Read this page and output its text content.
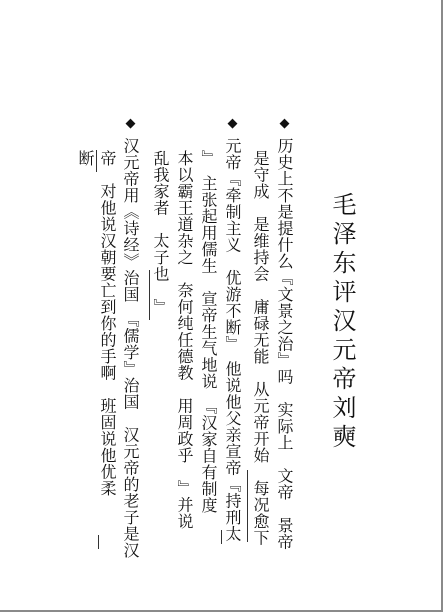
毛泽东评汉元帝刘奭
◆历史上不是提什么『文景之治』吗　实际上　文帝　景帝
是守成　是维持会　庸碌无能　从元帝开始　每况愈下
◆元帝『牵制主义　优游不断』　他说他父亲宣帝『持刑太
』　主张起用儒生　宣帝生气地说　『汉家自有制度
本以霸王道杂之　奈何纯任德教　用周政乎　』并说
乱我家者　太子也　』
◆汉元帝用《诗经》治国　『儒学』治国　汉元帝的老子是汉
帝　对他说汉朝要亡到你的手啊　班固说他优柔
断
